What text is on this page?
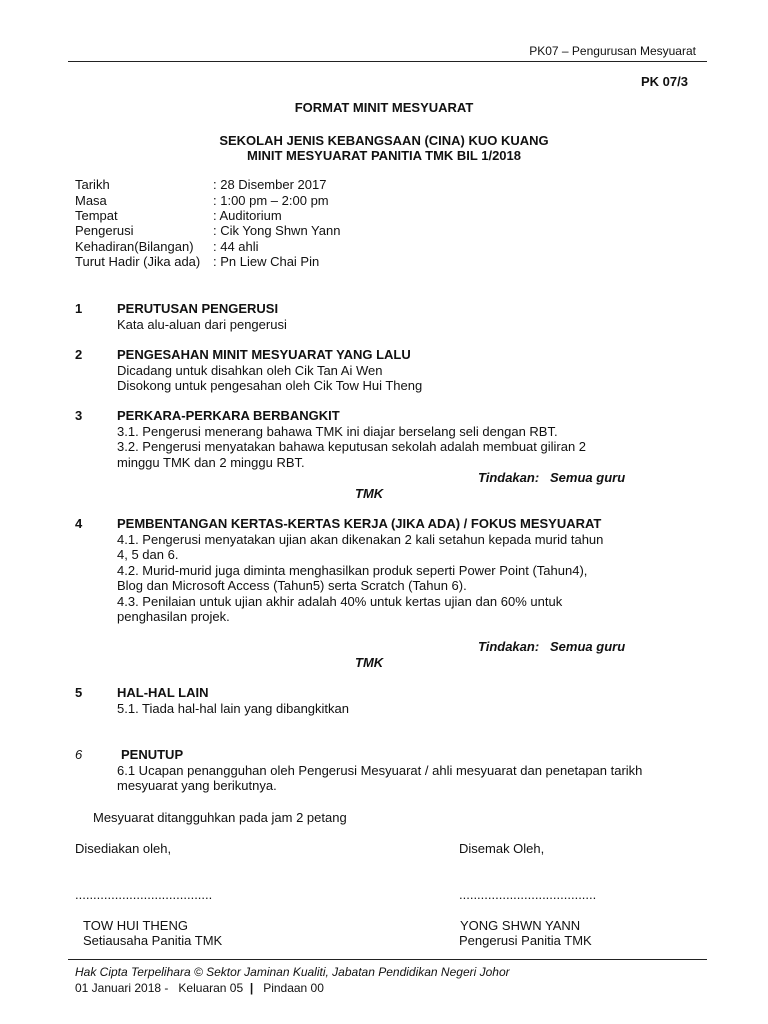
PK07 – Pengurusan Mesyuarat
PK 07/3
FORMAT MINIT MESYUARAT
SEKOLAH JENIS KEBANGSAAN (CINA) KUO KUANG
MINIT MESYUARAT PANITIA TMK BIL 1/2018
Tarikh	: 28 Disember 2017
Masa	: 1:00 pm – 2:00 pm
Tempat	: Auditorium
Pengerusi	: Cik Yong Shwn Yann
Kehadiran(Bilangan) : 44 ahli
Turut Hadir (Jika ada) : Pn Liew Chai Pin
1	PERUTUSAN PENGERUSI
Kata alu-aluan dari pengerusi
2	PENGESAHAN MINIT MESYUARAT YANG LALU
Dicadang untuk disahkan oleh Cik Tan Ai Wen
Disokong untuk pengesahan oleh Cik Tow Hui Theng
3	PERKARA-PERKARA BERBANGKIT
3.1. Pengerusi menerang bahawa TMK ini diajar berselang seli dengan RBT.
3.2. Pengerusi menyatakan bahawa keputusan sekolah adalah membuat giliran 2
minggu TMK dan 2 minggu RBT.
Tindakan: Semua guru
TMK
4	PEMBENTANGAN KERTAS-KERTAS KERJA (JIKA ADA) / FOKUS MESYUARAT
4.1. Pengerusi menyatakan ujian akan dikenakan 2 kali setahun kepada murid tahun
4, 5 dan 6.
4.2. Murid-murid juga diminta menghasilkan produk seperti Power Point (Tahun4),
Blog dan Microsoft Access (Tahun5) serta Scratch (Tahun 6).
4.3. Penilaian untuk ujian akhir adalah 40% untuk kertas ujian dan 60% untuk
penghasilan projek.
Tindakan: Semua guru
TMK
5	HAL-HAL LAIN
5.1. Tiada hal-hal lain yang dibangkitkan
6	PENUTUP
6.1 Ucapan penangguhan oleh Pengerusi Mesyuarat / ahli mesyuarat dan penetapan tarikh
mesyuarat yang berikutnya.
Mesyuarat ditangguhkan pada jam 2 petang
Disediakan oleh,	Disemak Oleh,
......................................	......................................
TOW HUI THENG
Setiausaha Panitia TMK
YONG SHWN YANN
Pengerusi Panitia TMK
Hak Cipta Terpelihara © Sektor Jaminan Kualiti, Jabatan Pendidikan Negeri Johor
01 Januari 2018 - Keluaran 05 | Pindaan 00
